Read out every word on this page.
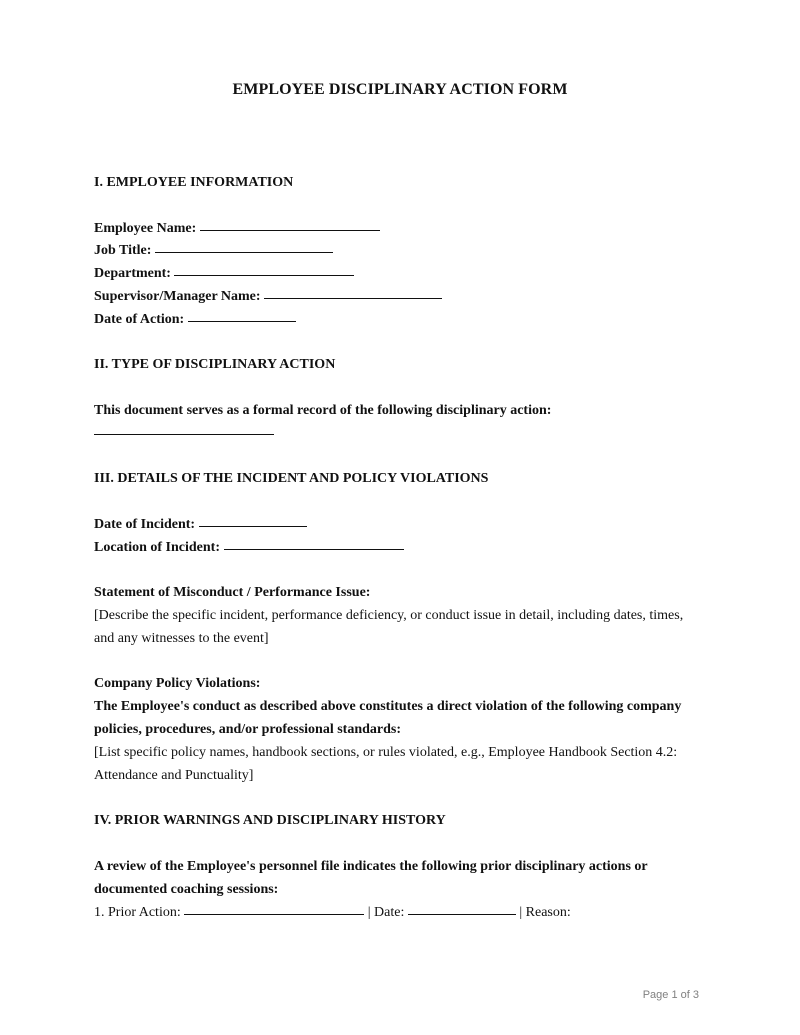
EMPLOYEE DISCIPLINARY ACTION FORM
I. EMPLOYEE INFORMATION
Employee Name:
Job Title:
Department:
Supervisor/Manager Name:
Date of Action:
II. TYPE OF DISCIPLINARY ACTION
This document serves as a formal record of the following disciplinary action:
III. DETAILS OF THE INCIDENT AND POLICY VIOLATIONS
Date of Incident:
Location of Incident:
Statement of Misconduct / Performance Issue:
[Describe the specific incident, performance deficiency, or conduct issue in detail, including dates, times,
and any witnesses to the event]
Company Policy Violations:
The Employee's conduct as described above constitutes a direct violation of the following company
policies, procedures, and/or professional standards:
[List specific policy names, handbook sections, or rules violated, e.g., Employee Handbook Section 4.2:
Attendance and Punctuality]
IV. PRIOR WARNINGS AND DISCIPLINARY HISTORY
A review of the Employee's personnel file indicates the following prior disciplinary actions or
documented coaching sessions:
1. Prior Action:	| Date:	| Reason:
Page 1 of 3
